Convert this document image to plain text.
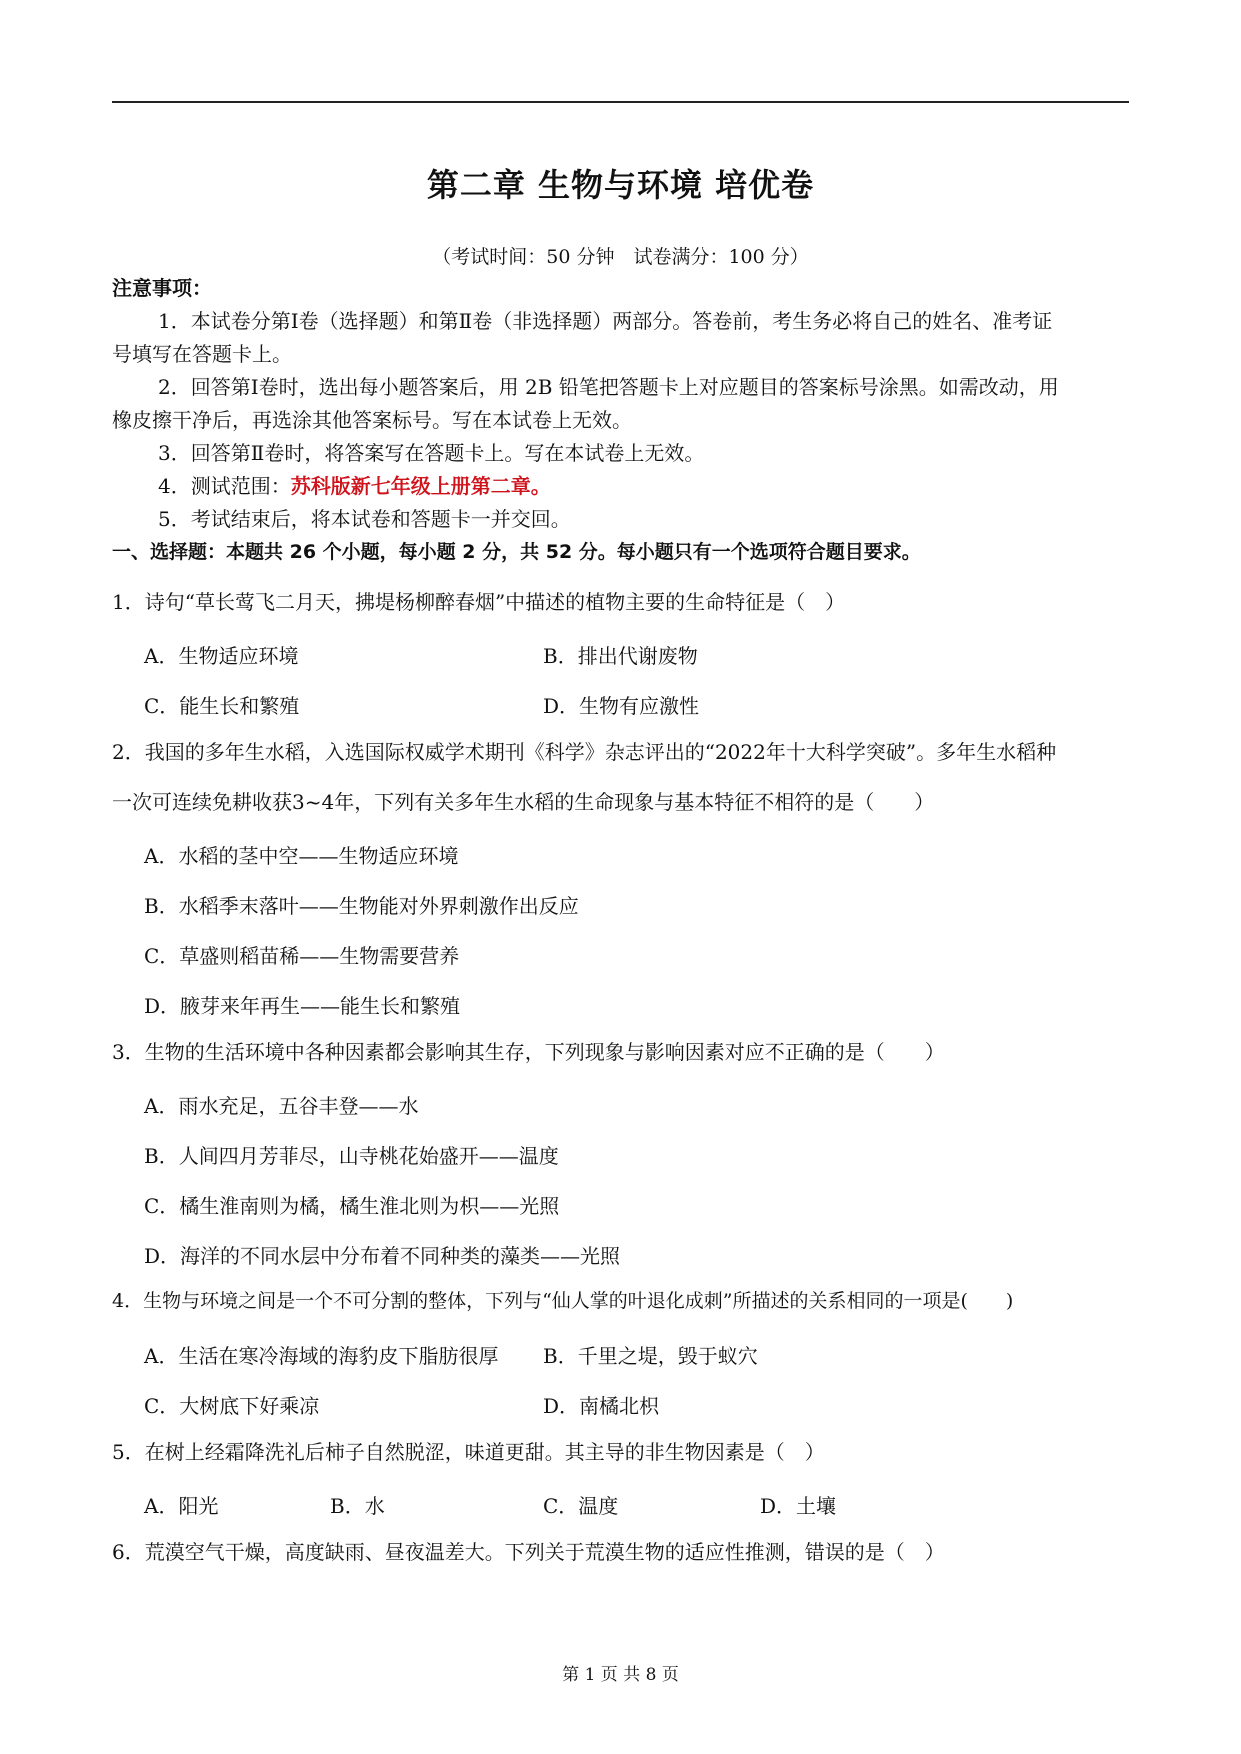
第二章 生物与环境 培优卷
（考试时间：50 分钟　试卷满分：100 分）
注意事项：
1．本试卷分第Ⅰ卷（选择题）和第Ⅱ卷（非选择题）两部分。答卷前，考生务必将自己的姓名、准考证
号填写在答题卡上。
2．回答第Ⅰ卷时，选出每小题答案后，用 2B 铅笔把答题卡上对应题目的答案标号涂黑。如需改动，用
橡皮擦干净后，再选涂其他答案标号。写在本试卷上无效。
3．回答第Ⅱ卷时，将答案写在答题卡上。写在本试卷上无效。
4．测试范围：苏科版新七年级上册第二章。
5．考试结束后，将本试卷和答题卡一并交回。
一、选择题：本题共 26 个小题，每小题 2 分，共 52 分。每小题只有一个选项符合题目要求。
1．诗句“草长莺飞二月天，拂堤杨柳醉春烟”中描述的植物主要的生命特征是（　）
A．生物适应环境	B．排出代谢废物
C．能生长和繁殖	D．生物有应激性
2．我国的多年生水稻，入选国际权威学术期刊《科学》杂志评出的“2022年十大科学突破”。多年生水稻种
一次可连续免耕收获3~4年，下列有关多年生水稻的生命现象与基本特征不相符的是（　　）
A．水稻的茎中空——生物适应环境
B．水稻季末落叶——生物能对外界刺激作出反应
C．草盛则稻苗稀——生物需要营养
D．腋芽来年再生——能生长和繁殖
3．生物的生活环境中各种因素都会影响其生存，下列现象与影响因素对应不正确的是（　　）
A．雨水充足，五谷丰登——水
B．人间四月芳菲尽，山寺桃花始盛开——温度
C．橘生淮南则为橘，橘生淮北则为枳——光照
D．海洋的不同水层中分布着不同种类的藻类——光照
4．生物与环境之间是一个不可分割的整体，下列与“仙人掌的叶退化成刺”所描述的关系相同的一项是(　　)
A．生活在寒冷海域的海豹皮下脂肪很厚 B．千里之堤，毁于蚁穴
C．大树底下好乘凉	D．南橘北枳
5．在树上经霜降洗礼后柿子自然脱涩，味道更甜。其主导的非生物因素是（　）
A．阳光	B．水	C．温度	D．土壤
6．荒漠空气干燥，高度缺雨、昼夜温差大。下列关于荒漠生物的适应性推测，错误的是（　）
第 1 页 共 8 页
